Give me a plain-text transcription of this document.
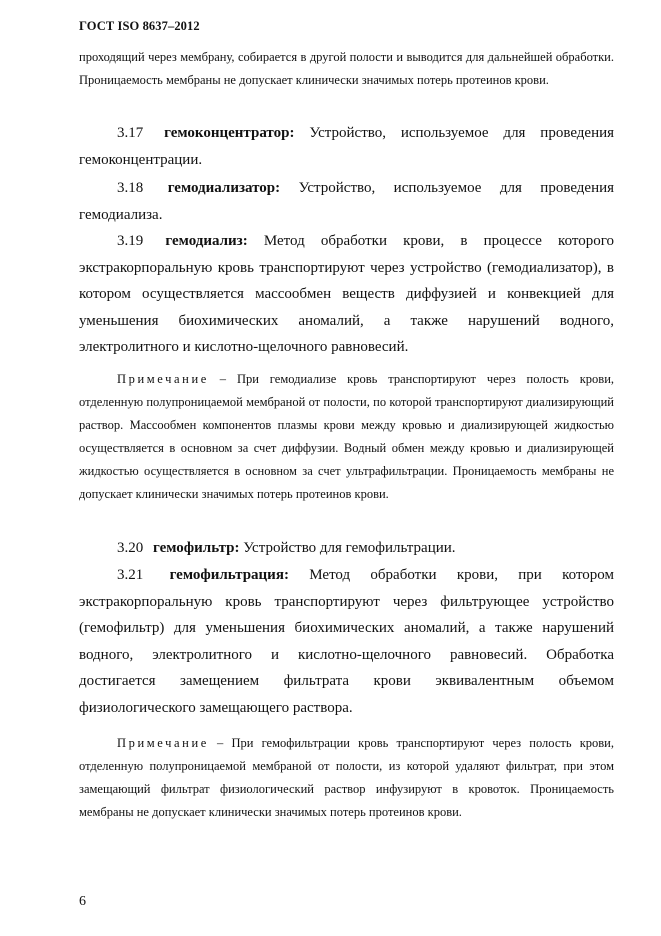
ГОСТ ISO 8637–2012

проходящий через мембрану, собирается в другой полости и выводится для дальнейшей обработки. Проницаемость мембраны не допускает клинически значимых потерь протеинов крови.

3.17 гемоконцентратор: Устройство, используемое для проведения гемоконцентрации.
3.18 гемодиализатор: Устройство, используемое для проведения гемодиализа.
3.19 гемодиализ: Метод обработки крови, в процессе которого экстракорпоральную кровь транспортируют через устройство (гемодиализатор), в котором осуществляется массообмен веществ диффузией и конвекцией для уменьшения биохимических аномалий, а также нарушений водного, электролитного и кислотно-щелочного равновесий.
Примечание – При гемодиализе кровь транспортируют через полость крови, отделенную полупроницаемой мембраной от полости, по которой транспортируют диализирующий раствор. Массообмен компонентов плазмы крови между кровью и диализирующей жидкостью осуществляется в основном за счет диффузии. Водный обмен между кровью и диализирующей жидкостью осуществляется в основном за счет ультрафильтрации. Проницаемость мембраны не допускает клинически значимых потерь протеинов крови.
3.20 гемофильтр: Устройство для гемофильтрации.
3.21 гемофильтрация: Метод обработки крови, при котором экстракорпоральную кровь транспортируют через фильтрующее устройство (гемофильтр) для уменьшения биохимических аномалий, а также нарушений водного, электролитного и кислотно-щелочного равновесий. Обработка достигается замещением фильтрата крови эквивалентным объемом физиологического замещающего раствора.
Примечание – При гемофильтрации кровь транспортируют через полость крови, отделенную полупроницаемой мембраной от полости, из которой удаляют фильтрат, при этом замещающий фильтрат физиологический раствор инфузируют в кровоток. Проницаемость мембраны не допускает клинически значимых потерь протеинов крови.
6
